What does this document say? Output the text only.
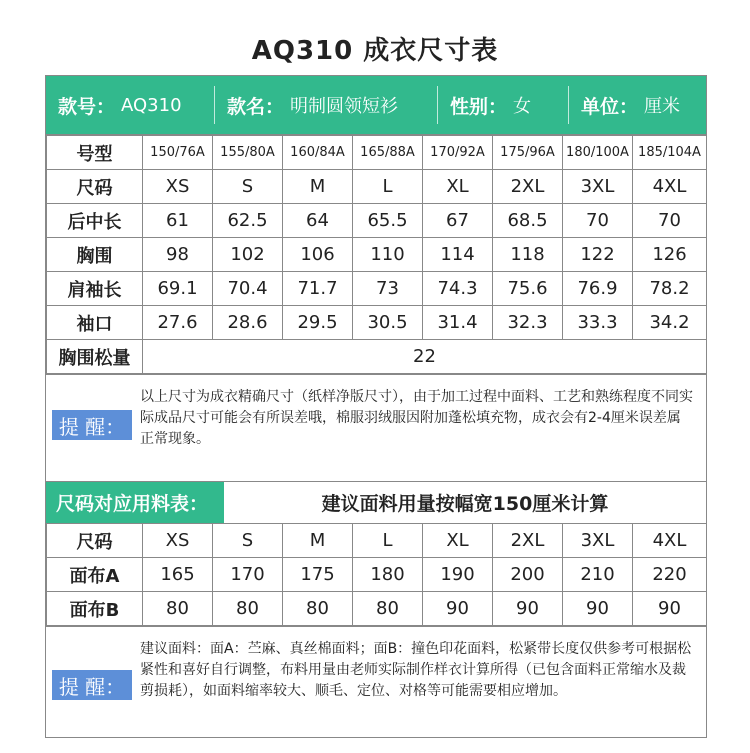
AQ310 成衣尺寸表
款号： AQ310 款名： 明制圆领短衫	性别： 女	单位： 厘米
号型	150/76A	155/80A	160/84A	165/88A	170/92A	175/96A	180/100A	185/104A
尺码	XS	S	M	L	XL	2XL	3XL	4XL
后中长	61	62.5	64	65.5	67	68.5	70	70
胸围	98	102	106	110	114	118	122	126
肩袖长	69.1	70.4	71.7	73	74.3	75.6	76.9	78.2
袖口	27.6	28.6	29.5	30.5	31.4	32.3	33.3	34.2
胸围松量	22							
提 醒：
以上尺寸为成衣精确尺寸（纸样净版尺寸），由于加工过程中面料、工艺和熟练程度不同实际成品尺寸可能会有所误差哦，棉服羽绒服因附加蓬松填充物，成衣会有2-4厘米误差属正常现象。
尺码对应用料表：	建议面料用量按幅宽150厘米计算
尺码	XS	S	M	L	XL	2XL	3XL	4XL
面布A	165	170	175	180	190	200	210	220
面布B	80	80	80	80	90	90	90	90
提 醒：
建议面料：面A：苎麻、真丝棉面料；面B：撞色印花面料，松紧带长度仅供参考可根据松紧性和喜好自行调整，布料用量由老师实际制作样衣计算所得（已包含面料正常缩水及裁剪损耗），如面料缩率较大、顺毛、定位、对格等可能需要相应增加。
